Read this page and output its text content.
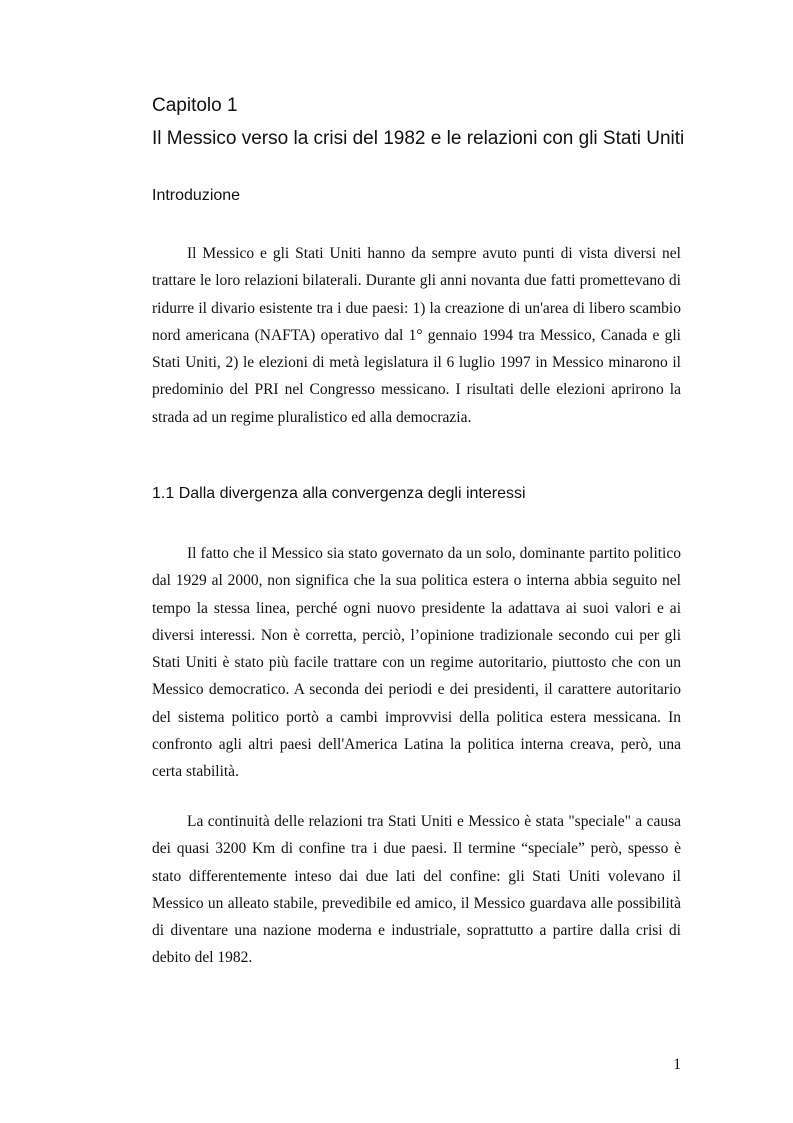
Capitolo 1
Il Messico verso la crisi del 1982 e le relazioni con gli Stati Uniti
Introduzione

Il Messico e gli Stati Uniti hanno da sempre avuto punti di vista diversi nel trattare le loro relazioni bilaterali. Durante gli anni novanta due fatti promettevano di ridurre il divario esistente tra i due paesi: 1) la creazione di un'area di libero scambio nord americana (NAFTA) operativo dal 1° gennaio 1994 tra Messico, Canada e gli Stati Uniti, 2) le elezioni di metà legislatura il 6 luglio 1997 in Messico minarono il predominio del PRI nel Congresso messicano. I risultati delle elezioni aprirono la strada ad un regime pluralistico ed alla democrazia.

1.1 Dalla divergenza alla convergenza degli interessi

Il fatto che il Messico sia stato governato da un solo, dominante partito politico dal 1929 al 2000, non significa che la sua politica estera o interna abbia seguito nel tempo la stessa linea, perché ogni nuovo presidente la adattava ai suoi valori e ai diversi interessi. Non è corretta, perciò, l’opinione tradizionale secondo cui per gli Stati Uniti è stato più facile trattare con un regime autoritario, piuttosto che con un Messico democratico. A seconda dei periodi e dei presidenti, il carattere autoritario del sistema politico portò a cambi improvvisi della politica estera messicana. In confronto agli altri paesi dell'America Latina la politica interna creava, però, una certa stabilità.

La continuità delle relazioni tra Stati Uniti e Messico è stata "speciale" a causa dei quasi 3200 Km di confine tra i due paesi. Il termine “speciale” però, spesso è stato differentemente inteso dai due lati del confine: gli Stati Uniti volevano il Messico un alleato stabile, prevedibile ed amico, il Messico guardava alle possibilità di diventare una nazione moderna e industriale, soprattutto a partire dalla crisi di debito del 1982.

1
